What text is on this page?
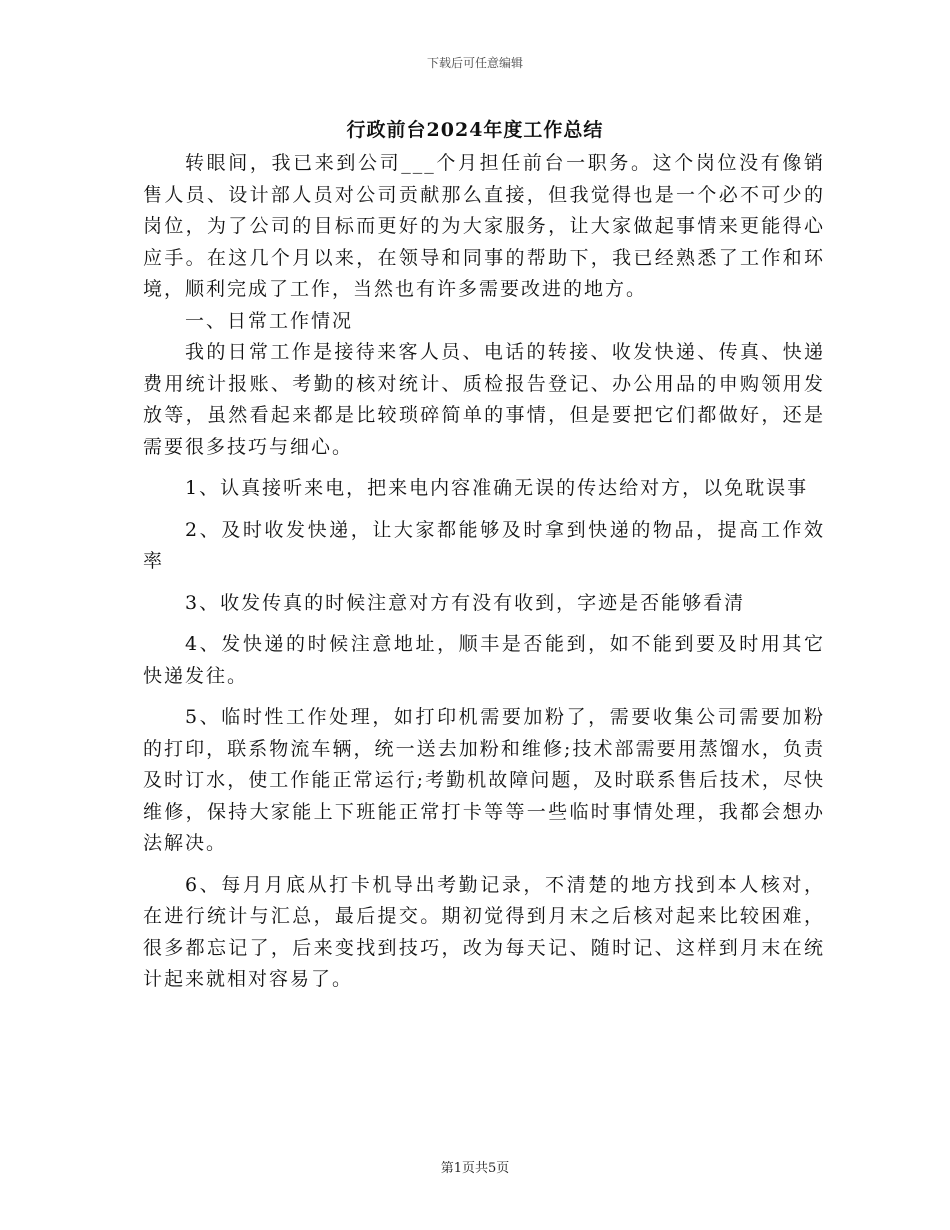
下载后可任意编辑
行政前台2024年度工作总结

转眼间，我已来到公司___个月担任前台一职务。这个岗位没有像销售人员、设计部人员对公司贡献那么直接，但我觉得也是一个必不可少的岗位，为了公司的目标而更好的为大家服务，让大家做起事情来更能得心应手。在这几个月以来，在领导和同事的帮助下，我已经熟悉了工作和环境，顺利完成了工作，当然也有许多需要改进的地方。

一、日常工作情况

我的日常工作是接待来客人员、电话的转接、收发快递、传真、快递费用统计报账、考勤的核对统计、质检报告登记、办公用品的申购领用发放等，虽然看起来都是比较琐碎简单的事情，但是要把它们都做好，还是需要很多技巧与细心。

1、认真接听来电，把来电内容准确无误的传达给对方，以免耽误事

2、及时收发快递，让大家都能够及时拿到快递的物品，提高工作效率

3、收发传真的时候注意对方有没有收到，字迹是否能够看清

4、发快递的时候注意地址，顺丰是否能到，如不能到要及时用其它快递发往。

5、临时性工作处理，如打印机需要加粉了，需要收集公司需要加粉的打印，联系物流车辆，统一送去加粉和维修;技术部需要用蒸馏水，负责及时订水，使工作能正常运行;考勤机故障问题，及时联系售后技术，尽快维修，保持大家能上下班能正常打卡等等一些临时事情处理，我都会想办法解决。

6、每月月底从打卡机导出考勤记录，不清楚的地方找到本人核对，在进行统计与汇总，最后提交。期初觉得到月末之后核对起来比较困难，很多都忘记了，后来变找到技巧，改为每天记、随时记、这样到月末在统计起来就相对容易了。

第1页共5页
